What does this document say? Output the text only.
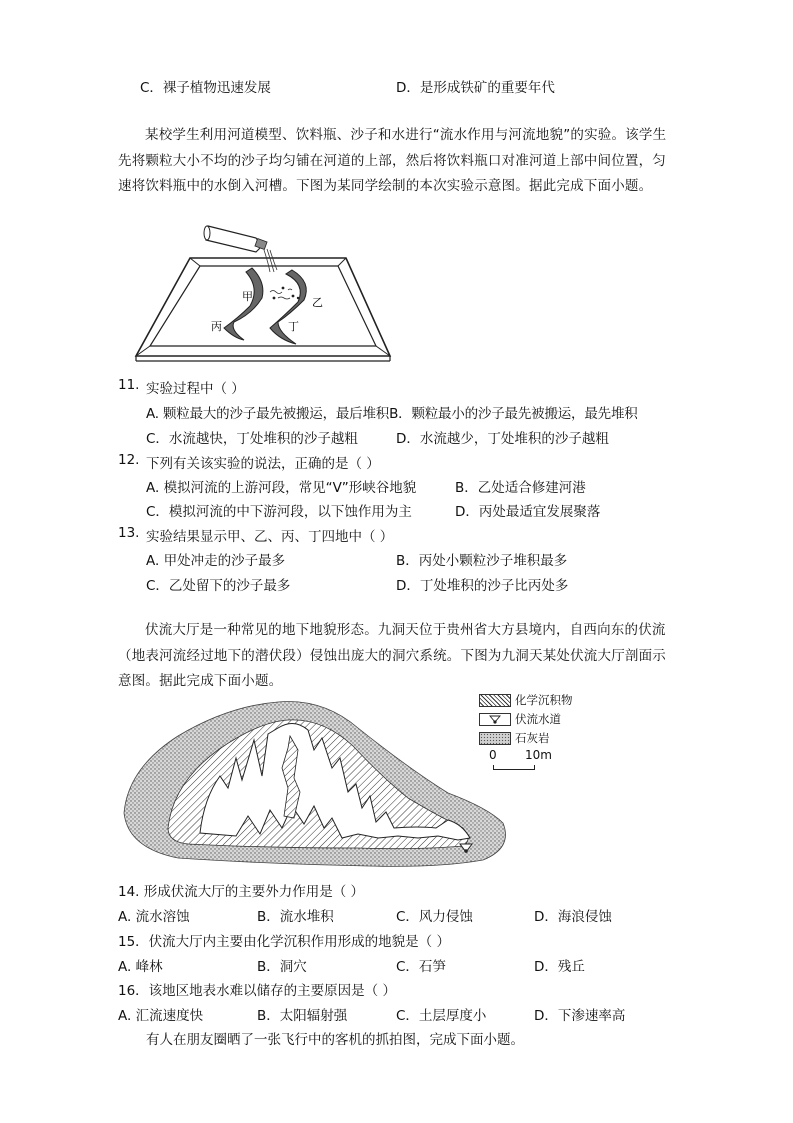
C．裸子植物迅速发展	D．是形成铁矿的重要年代
某校学生利用河道模型、饮料瓶、沙子和水进行“流水作用与河流地貌”的实验。该学生先将颗粒大小不均的沙子均匀铺在河道的上部，然后将饮料瓶口对准河道上部中间位置，匀速将饮料瓶中的水倒入河槽。下图为某同学绘制的本次实验示意图。据此完成下面小题。
甲	乙
丙	丁
11. 实验过程中（ ）
A. 颗粒最大的沙子最先被搬运，最后堆积B．颗粒最小的沙子最先被搬运，最先堆积
C．水流越快，丁处堆积的沙子越粗	D．水流越少，丁处堆积的沙子越粗
12. 下列有关该实验的说法，正确的是（ ）
A. 模拟河流的上游河段，常见“V”形峡谷地貌	B．乙处适合修建河港
C．模拟河流的中下游河段，以下蚀作用为主	D．丙处最适宜发展聚落
13. 实验结果显示甲、乙、丙、丁四地中（ ）
A. 甲处冲走的沙子最多	B．丙处小颗粒沙子堆积最多
C．乙处留下的沙子最多	D．丁处堆积的沙子比丙处多
伏流大厅是一种常见的地下地貌形态。九洞天位于贵州省大方县境内，自西向东的伏流（地表河流经过地下的潜伏段）侵蚀出庞大的洞穴系统。下图为九洞天某处伏流大厅剖面示意图。据此完成下面小题。
化学沉积物
伏流水道
石灰岩
0 10m
14. 形成伏流大厅的主要外力作用是（ ）
A. 流水溶蚀	B．流水堆积	C．风力侵蚀	D．海浪侵蚀
15．伏流大厅内主要由化学沉积作用形成的地貌是（ ）
A. 峰林	B．洞穴	C．石笋	D．残丘
16．该地区地表水难以储存的主要原因是（ ）
A. 汇流速度快	B．太阳辐射强	C．土层厚度小	D．下渗速率高
有人在朋友圈晒了一张飞行中的客机的抓拍图，完成下面小题。
